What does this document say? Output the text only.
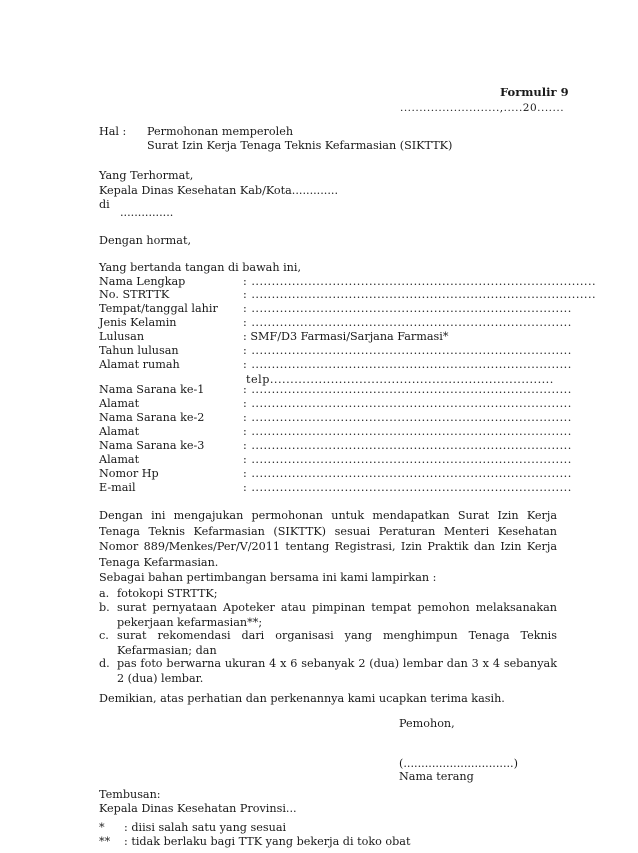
Formulir 9
..........................,.....20.......
Hal : Permohonan memperoleh
Surat Izin Kerja Tenaga Teknis Kefarmasian (SIKTTK)
Yang Terhormat,
Kepala Dinas Kesehatan Kab/Kota.............
di
...............
Dengan hormat,
Yang bertanda tangan di bawah ini,
Nama Lengkap	: .....................................................................................
No. STRTTK	: .....................................................................................
Tempat/tanggal lahir : ...............................................................................
Jenis Kelamin	: ...............................................................................
Lulusan	: SMF/D3 Farmasi/Sarjana Farmasi*
Tahun lulusan	: ...............................................................................
Alamat rumah	: ...............................................................................
telp......................................................................
Nama Sarana ke-1	: ...............................................................................
Alamat	: ...............................................................................
Nama Sarana ke-2	: ...............................................................................
Alamat	: ...............................................................................
Nama Sarana ke-3	: ...............................................................................
Alamat	: ...............................................................................
Nomor Hp	: ...............................................................................
E-mail	: ...............................................................................
Dengan ini mengajukan permohonan untuk mendapatkan Surat Izin Kerja Tenaga Teknis Kefarmasian (SIKTTK) sesuai Peraturan Menteri Kesehatan Nomor 889/Menkes/Per/V/2011 tentang Registrasi, Izin Praktik dan Izin Kerja Tenaga Kefarmasian.
Sebagai bahan pertimbangan bersama ini kami lampirkan :
a. fotokopi STRTTK;
b. surat pernyataan Apoteker atau pimpinan tempat pemohon melaksanakan pekerjaan kefarmasian**;
c. surat rekomendasi dari organisasi yang menghimpun Tenaga Teknis Kefarmasian; dan
d. pas foto berwarna ukuran 4 x 6 sebanyak 2 (dua) lembar dan 3 x 4 sebanyak 2 (dua) lembar.
Demikian, atas perhatian dan perkenannya kami ucapkan terima kasih.
Pemohon,
(...............................)
Nama terang
Tembusan:
Kepala Dinas Kesehatan Provinsi...
* : diisi salah satu yang sesuai
** : tidak berlaku bagi TTK yang bekerja di toko obat
